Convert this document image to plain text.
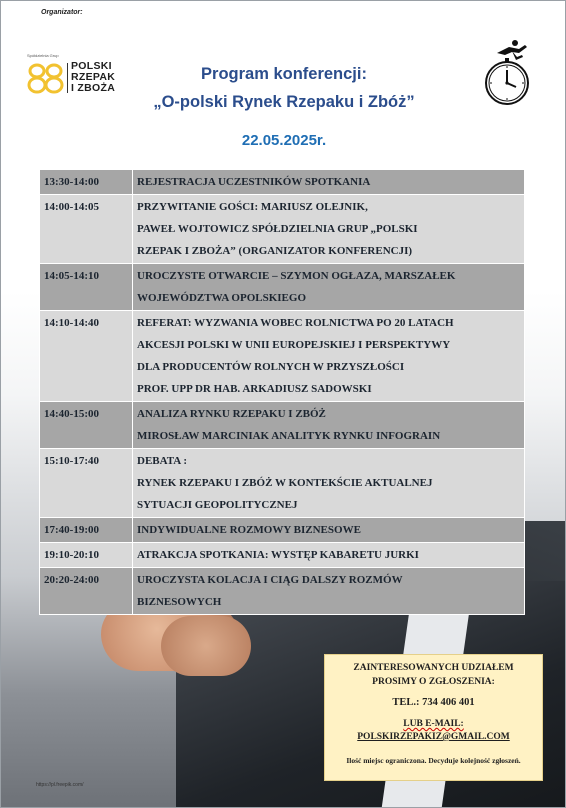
Organizator:
Spółdzielnia Grup
POLSKI
RZEPAK
I ZBOŻA
Program konferencji:
„O-polski Rynek Rzepaku i Zbóż”
22.05.2025r.
13:30-14:00	REJESTRACJA UCZESTNIKÓW SPOTKANIA

14:00-14:05	PRZYWITANIE GOŚCI: MARIUSZ OLEJNIK,
PAWEŁ WOJTOWICZ SPÓŁDZIELNIA GRUP „POLSKI
RZEPAK I ZBOŻA” (ORGANIZATOR KONFERENCJI)

14:05-14:10	UROCZYSTE OTWARCIE – SZYMON OGŁAZA, MARSZAŁEK
WOJEWÓDZTWA OPOLSKIEGO

14:10-14:40	REFERAT: WYZWANIA WOBEC ROLNICTWA PO 20 LATACH
AKCESJI POLSKI W UNII EUROPEJSKIEJ I PERSPEKTYWY
DLA PRODUCENTÓW ROLNYCH W PRZYSZŁOŚCI
PROF. UPP DR HAB. ARKADIUSZ SADOWSKI

14:40-15:00	ANALIZA RYNKU RZEPAKU I ZBÓŻ
MIROSŁAW MARCINIAK ANALITYK RYNKU INFOGRAIN

15:10-17:40	DEBATA :
RYNEK RZEPAKU I ZBÓŻ W KONTEKŚCIE AKTUALNEJ
SYTUACJI GEOPOLITYCZNEJ

17:40-19:00	INDYWIDUALNE ROZMOWY BIZNESOWE

19:10-20:10	ATRAKCJA SPOTKANIA: WYSTĘP KABARETU JURKI

20:20-24:00	UROCZYSTA KOLACJA I CIĄG DALSZY ROZMÓW
BIZNESOWYCH
ZAINTERESOWANYCH UDZIAŁEM
PROSIMY O ZGŁOSZENIA:
TEL.: 734 406 401
LUB E-MAIL:
POLSKIRZEPAKIZ@GMAIL.COM
Ilość miejsc ograniczona. Decyduje kolejność zgłoszeń.
https://pl.freepik.com/
